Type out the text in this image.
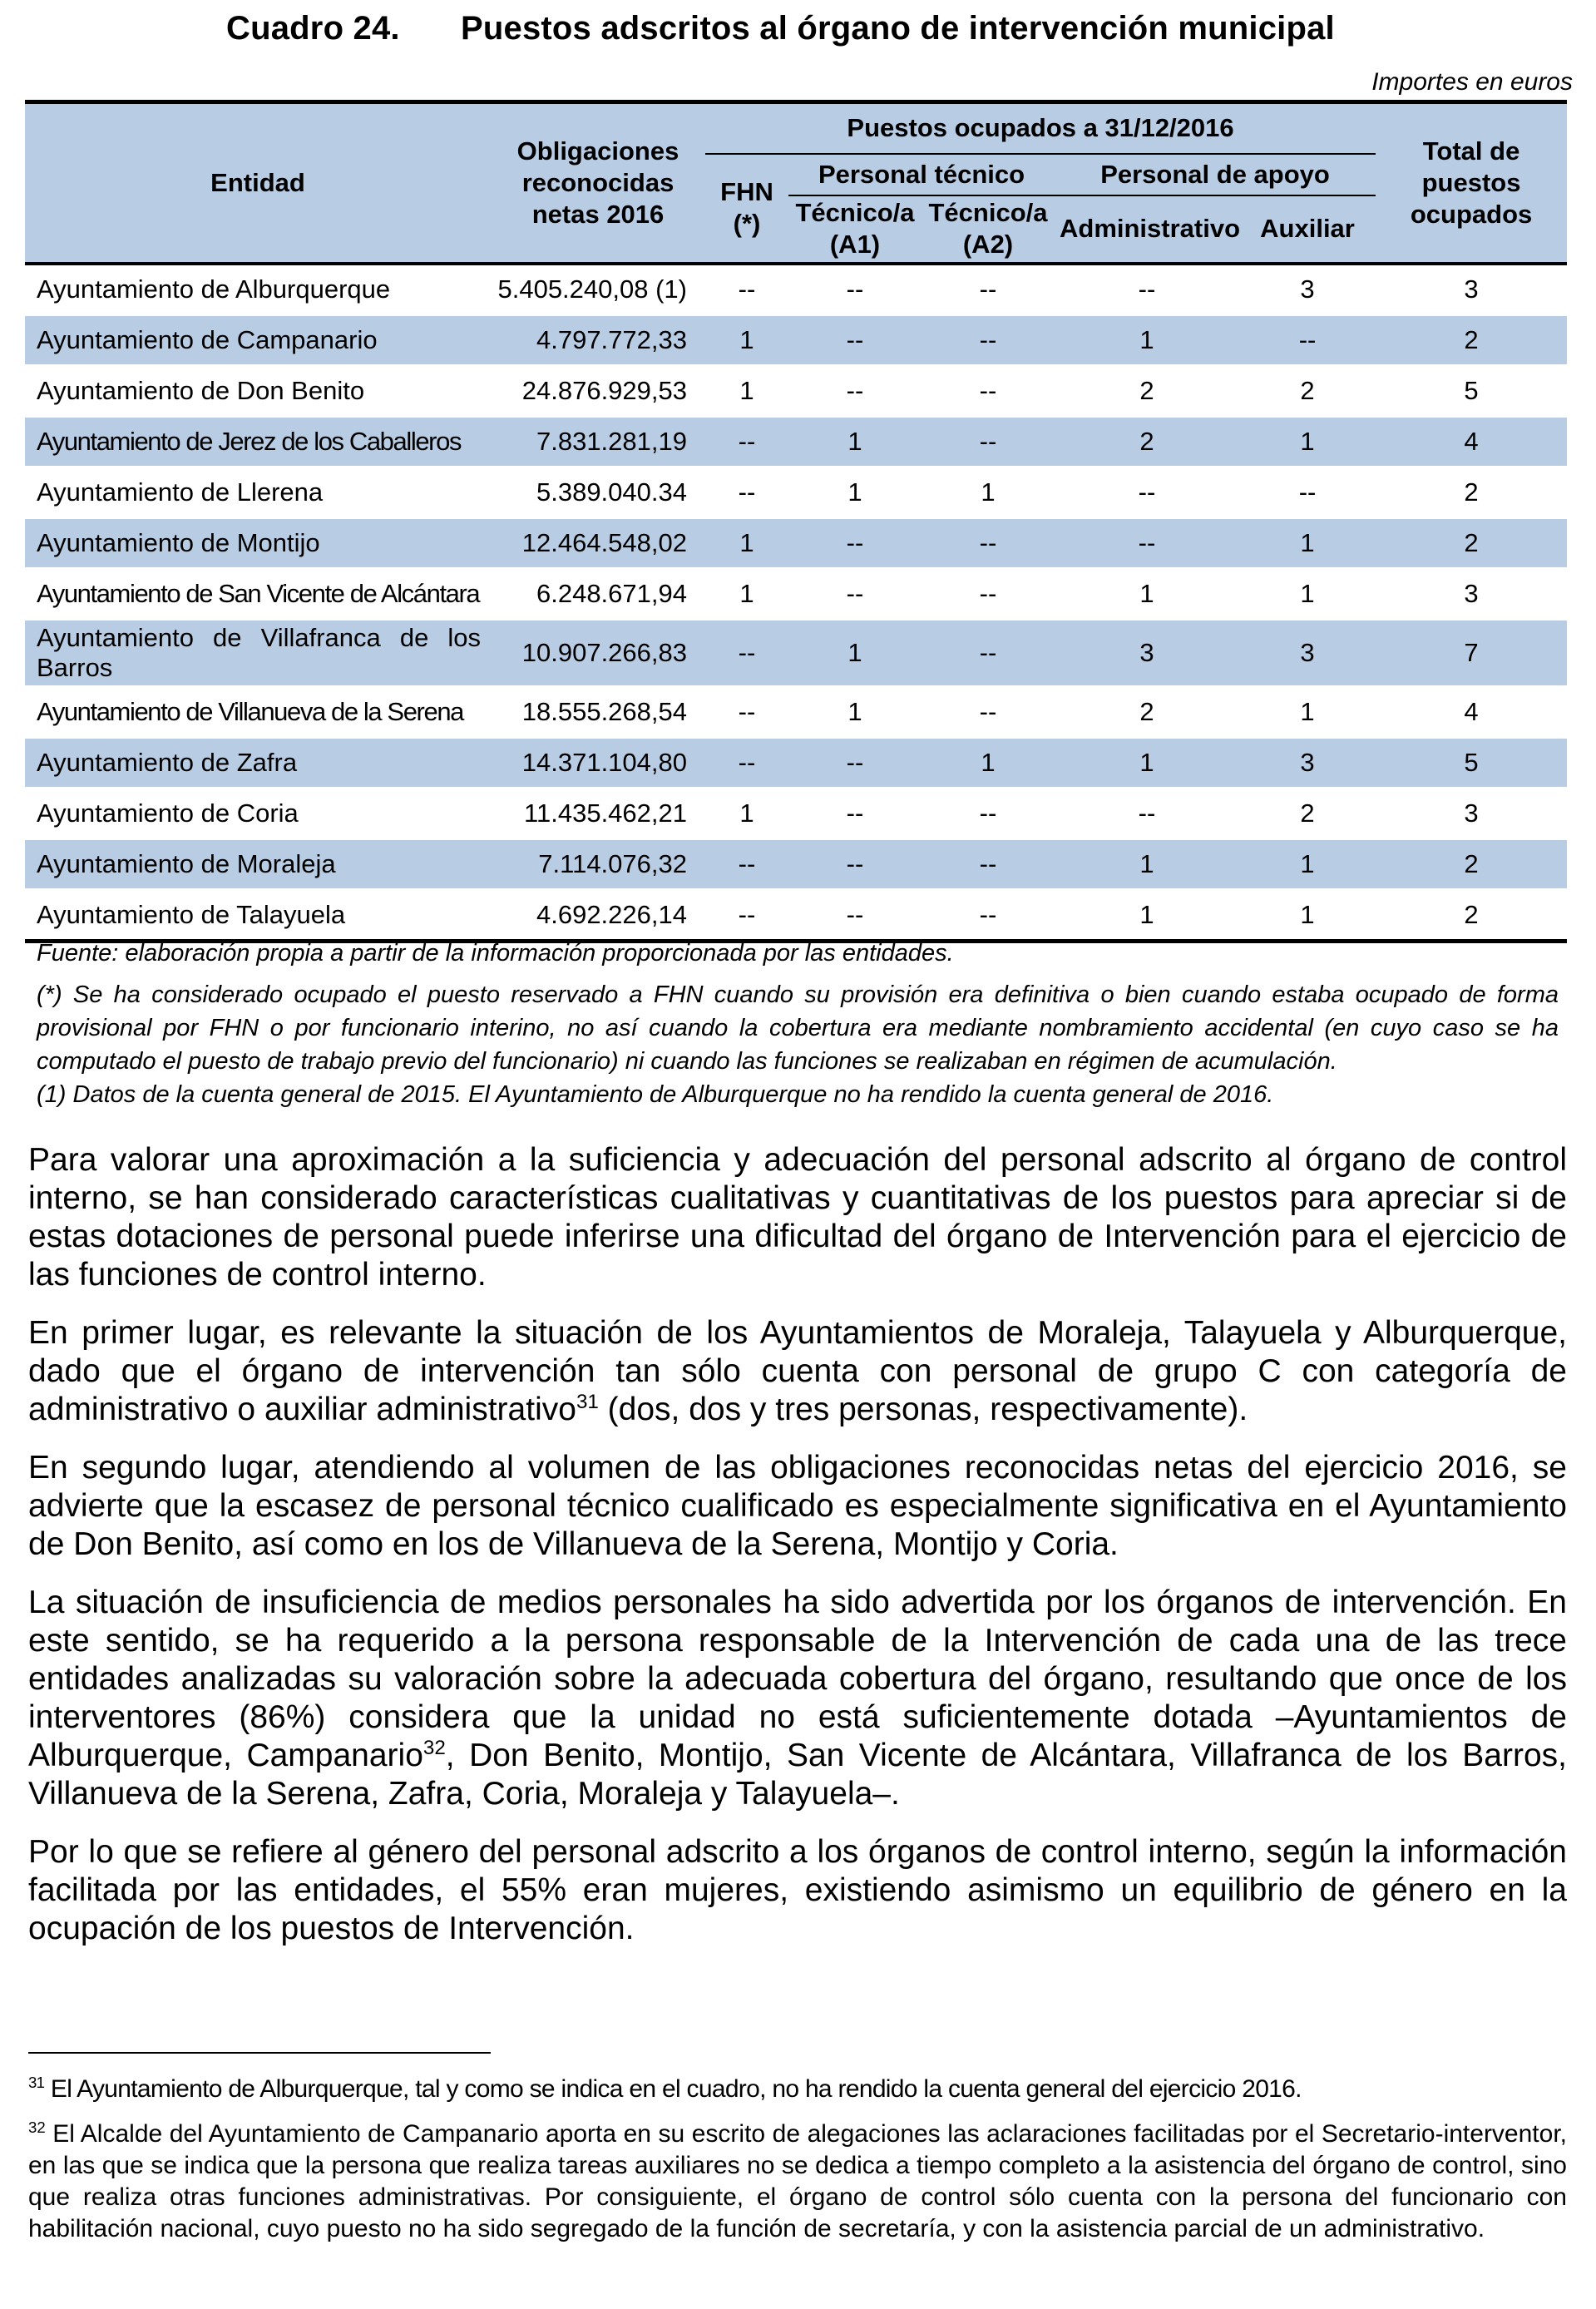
Cuadro 24. Puestos adscritos al órgano de intervención municipal
Importes en euros
Entidad	Obligaciones reconocidas netas 2016	Puestos ocupados a 31/12/2016					Total de puestos ocupados
		FHN (*)	Personal técnico		Personal de apoyo		
			Técnico/a (A1)	Técnico/a (A2)	Administrativo	Auxiliar	
Ayuntamiento de Alburquerque	5.405.240,08 (1)	--	--	--	--	3	3
Ayuntamiento de Campanario	4.797.772,33	1	--	--	1	--	2
Ayuntamiento de Don Benito	24.876.929,53	1	--	--	2	2	5
Ayuntamiento de Jerez de los Caballeros	7.831.281,19	--	1	--	2	1	4
Ayuntamiento de Llerena	5.389.040.34	--	1	1	--	--	2
Ayuntamiento de Montijo	12.464.548,02	1	--	--	--	1	2
Ayuntamiento de San Vicente de Alcántara	6.248.671,94	1	--	--	1	1	3
Ayuntamiento de Villafranca de los Barros	10.907.266,83	--	1	--	3	3	7
Ayuntamiento de Villanueva de la Serena	18.555.268,54	--	1	--	2	1	4
Ayuntamiento de Zafra	14.371.104,80	--	--	1	1	3	5
Ayuntamiento de Coria	11.435.462,21	1	--	--	--	2	3
Ayuntamiento de Moraleja	7.114.076,32	--	--	--	1	1	2
Ayuntamiento de Talayuela	4.692.226,14	--	--	--	1	1	2

Fuente: elaboración propia a partir de la información proporcionada por las entidades.

(*) Se ha considerado ocupado el puesto reservado a FHN cuando su provisión era definitiva o bien cuando estaba ocupado de forma provisional por FHN o por funcionario interino, no así cuando la cobertura era mediante nombramiento accidental (en cuyo caso se ha computado el puesto de trabajo previo del funcionario) ni cuando las funciones se realizaban en régimen de acumulación.

(1) Datos de la cuenta general de 2015. El Ayuntamiento de Alburquerque no ha rendido la cuenta general de 2016.

Para valorar una aproximación a la suficiencia y adecuación del personal adscrito al órgano de control interno, se han considerado características cualitativas y cuantitativas de los puestos para apreciar si de estas dotaciones de personal puede inferirse una dificultad del órgano de Intervención para el ejercicio de las funciones de control interno.

En primer lugar, es relevante la situación de los Ayuntamientos de Moraleja, Talayuela y Alburquerque, dado que el órgano de intervención tan sólo cuenta con personal de grupo C con categoría de administrativo o auxiliar administrativo$^{31}$ (dos, dos y tres personas, respectivamente).

En segundo lugar, atendiendo al volumen de las obligaciones reconocidas netas del ejercicio 2016, se advierte que la escasez de personal técnico cualificado es especialmente significativa en el Ayuntamiento de Don Benito, así como en los de Villanueva de la Serena, Montijo y Coria.

La situación de insuficiencia de medios personales ha sido advertida por los órganos de intervención. En este sentido, se ha requerido a la persona responsable de la Intervención de cada una de las trece entidades analizadas su valoración sobre la adecuada cobertura del órgano, resultando que once de los interventores (86%) considera que la unidad no está suficientemente dotada –Ayuntamientos de Alburquerque, Campanario$^{32}$, Don Benito, Montijo, San Vicente de Alcántara, Villafranca de los Barros, Villanueva de la Serena, Zafra, Coria, Moraleja y Talayuela–.

Por lo que se refiere al género del personal adscrito a los órganos de control interno, según la información facilitada por las entidades, el 55% eran mujeres, existiendo asimismo un equilibrio de género en la ocupación de los puestos de Intervención.

$^{31}$ El Ayuntamiento de Alburquerque, tal y como se indica en el cuadro, no ha rendido la cuenta general del ejercicio 2016.

$^{32}$ El Alcalde del Ayuntamiento de Campanario aporta en su escrito de alegaciones las aclaraciones facilitadas por el Secretario-interventor, en las que se indica que la persona que realiza tareas auxiliares no se dedica a tiempo completo a la asistencia del órgano de control, sino que realiza otras funciones administrativas. Por consiguiente, el órgano de control sólo cuenta con la persona del funcionario con habilitación nacional, cuyo puesto no ha sido segregado de la función de secretaría, y con la asistencia parcial de un administrativo.
